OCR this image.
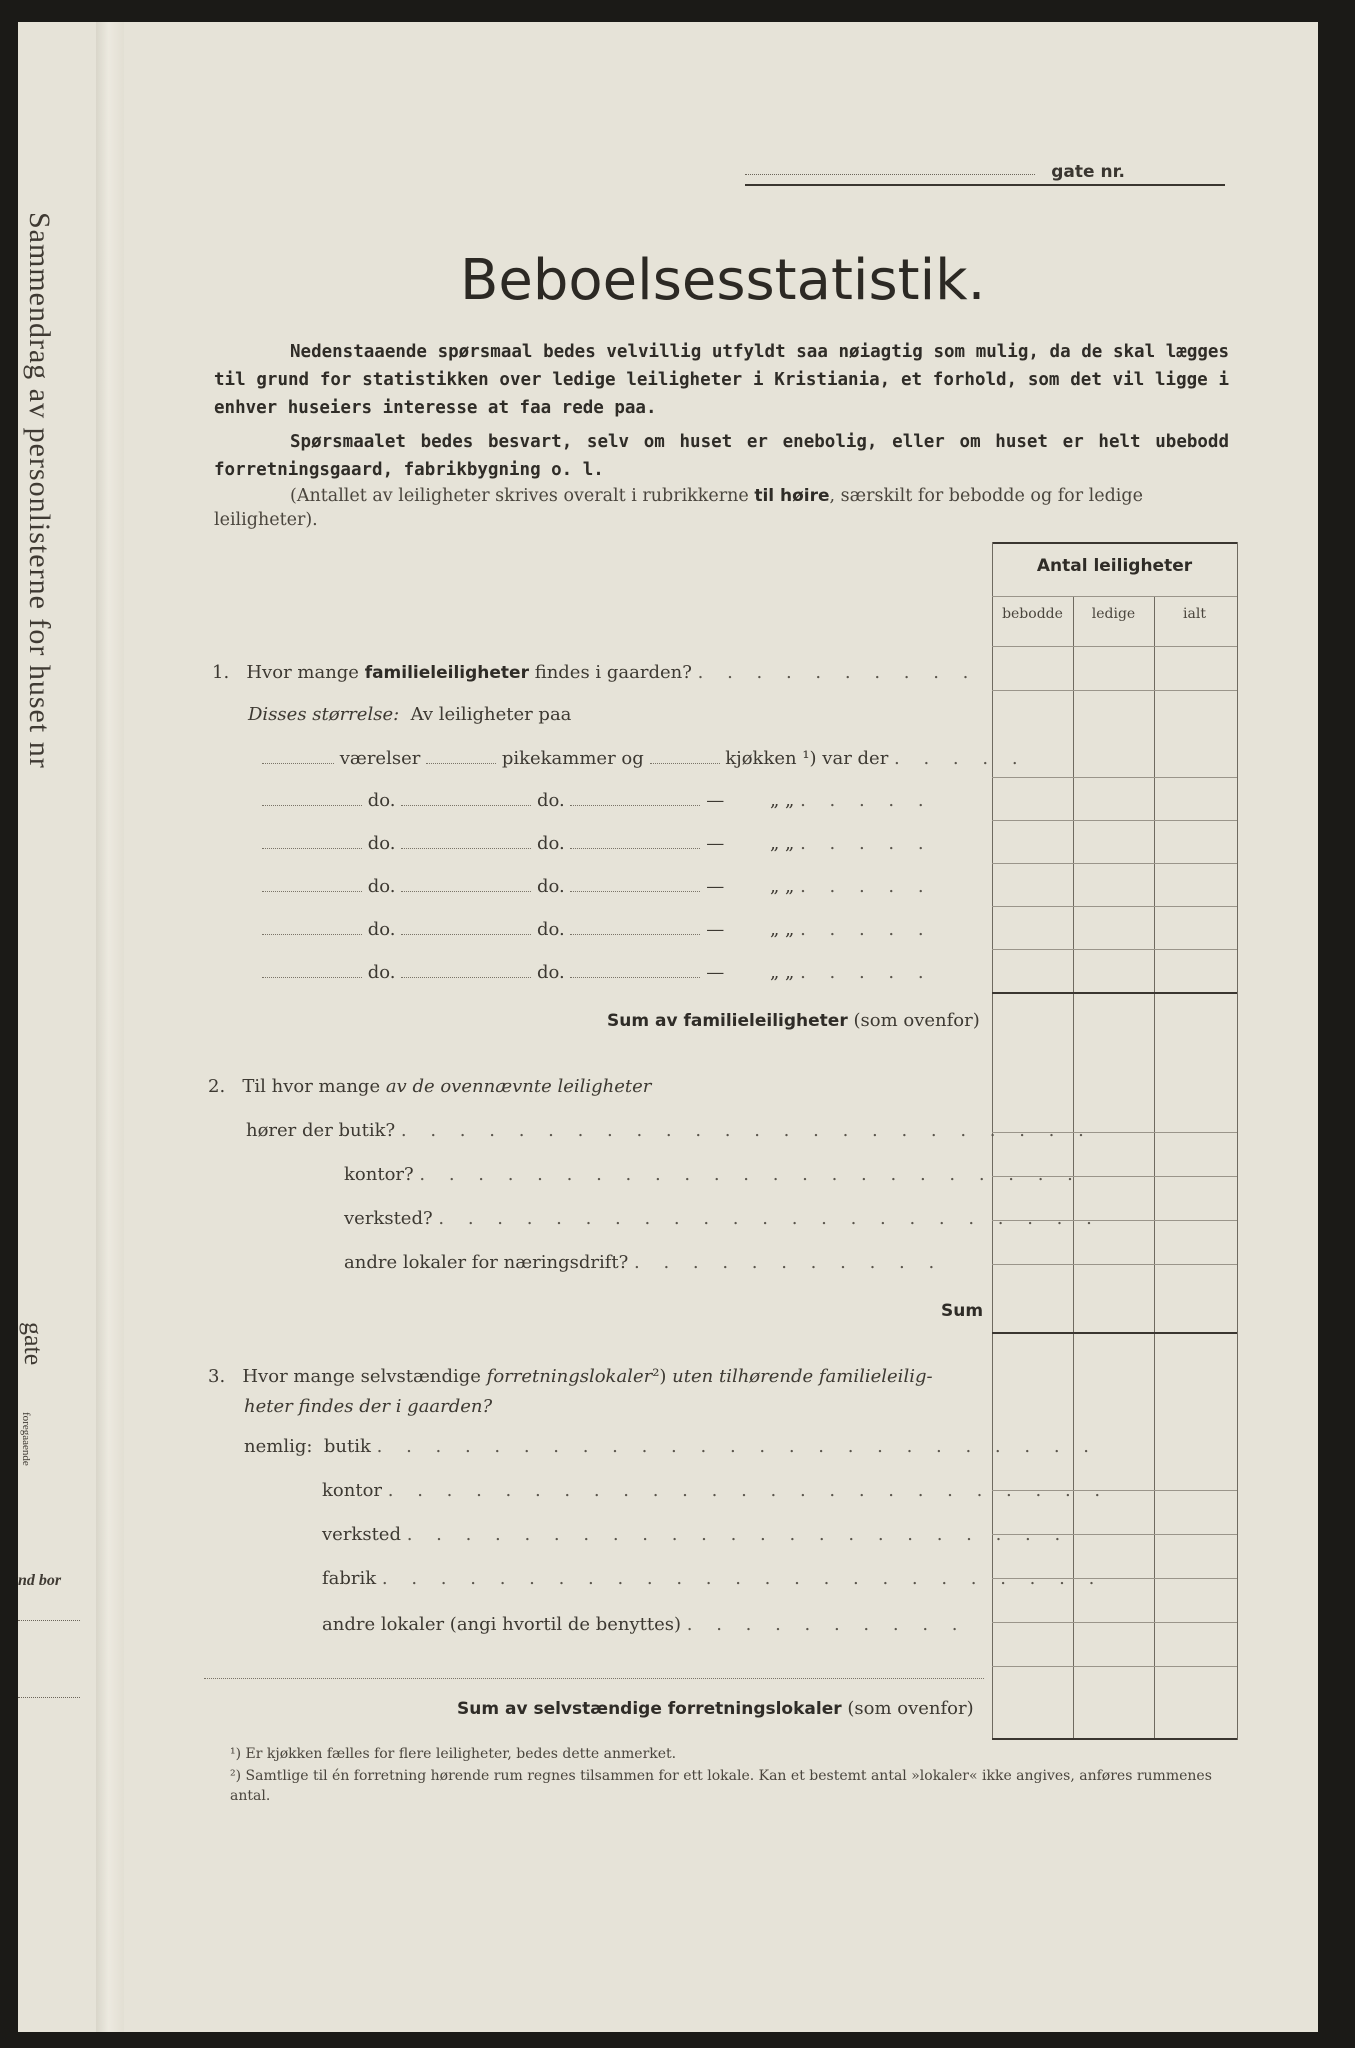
Sammendrag av personlisterne for huset nr
gate
foregaaende
nd bor
gate nr.
Beboelsesstatistik.
Nedenstaaende spørsmaal bedes velvillig utfyldt saa nøiagtig som mulig, da de skal lægges til grund for statistikken over ledige leiligheter i Kristiania, et forhold, som det vil ligge i enhver huseiers interesse at faa rede paa.
Spørsmaalet bedes besvart, selv om huset er enebolig, eller om huset er helt ubebodd forretningsgaard, fabrikbygning o. l.
(Antallet av leiligheter skrives overalt i rubrikkerne til høire, særskilt for bebodde og for ledige leiligheter).
Antal leiligheter
bebodde	ledige	ialt
1. Hvor mange familieleiligheter findes i gaarden? . . . . . . . . . .
Disses størrelse: Av leiligheter paa
værelser	pikekammer og	kjøkken ¹) var der . . . . .
do.	do.	—	„ „ . . . . .
do.	do.	—	„ „ . . . . .
do.	do.	—	„ „ . . . . .
do.	do.	—	„ „ . . . . .
do.	do.	—	„ „ . . . . .
Sum av familieleiligheter (som ovenfor)
2. Til hvor mange av de ovennævnte leiligheter
hører der butik? . . . . . . . . . . . . . . . . . . . . . . . .
kontor? . . . . . . . . . . . . . . . . . . . . . . .
verksted? . . . . . . . . . . . . . . . . . . . . . . .
andre lokaler for næringsdrift? . . . . . . . . . . .
Sum
3. Hvor mange selvstændige forretningslokaler²) uten tilhørende familieleilig-
heter findes der i gaarden?
nemlig: butik . . . . . . . . . . . . . . . . . . . . . . . . .
kontor . . . . . . . . . . . . . . . . . . . . . . . . .
verksted . . . . . . . . . . . . . . . . . . . . . . .
fabrik . . . . . . . . . . . . . . . . . . . . . . . . .
andre lokaler (angi hvortil de benyttes) . . . . . . . . . .
Sum av selvstændige forretningslokaler (som ovenfor)
¹) Er kjøkken fælles for flere leiligheter, bedes dette anmerket.
²) Samtlige til én forretning hørende rum regnes tilsammen for ett lokale. Kan et bestemt antal »lokaler« ikke angives, anføres rummenes antal.
